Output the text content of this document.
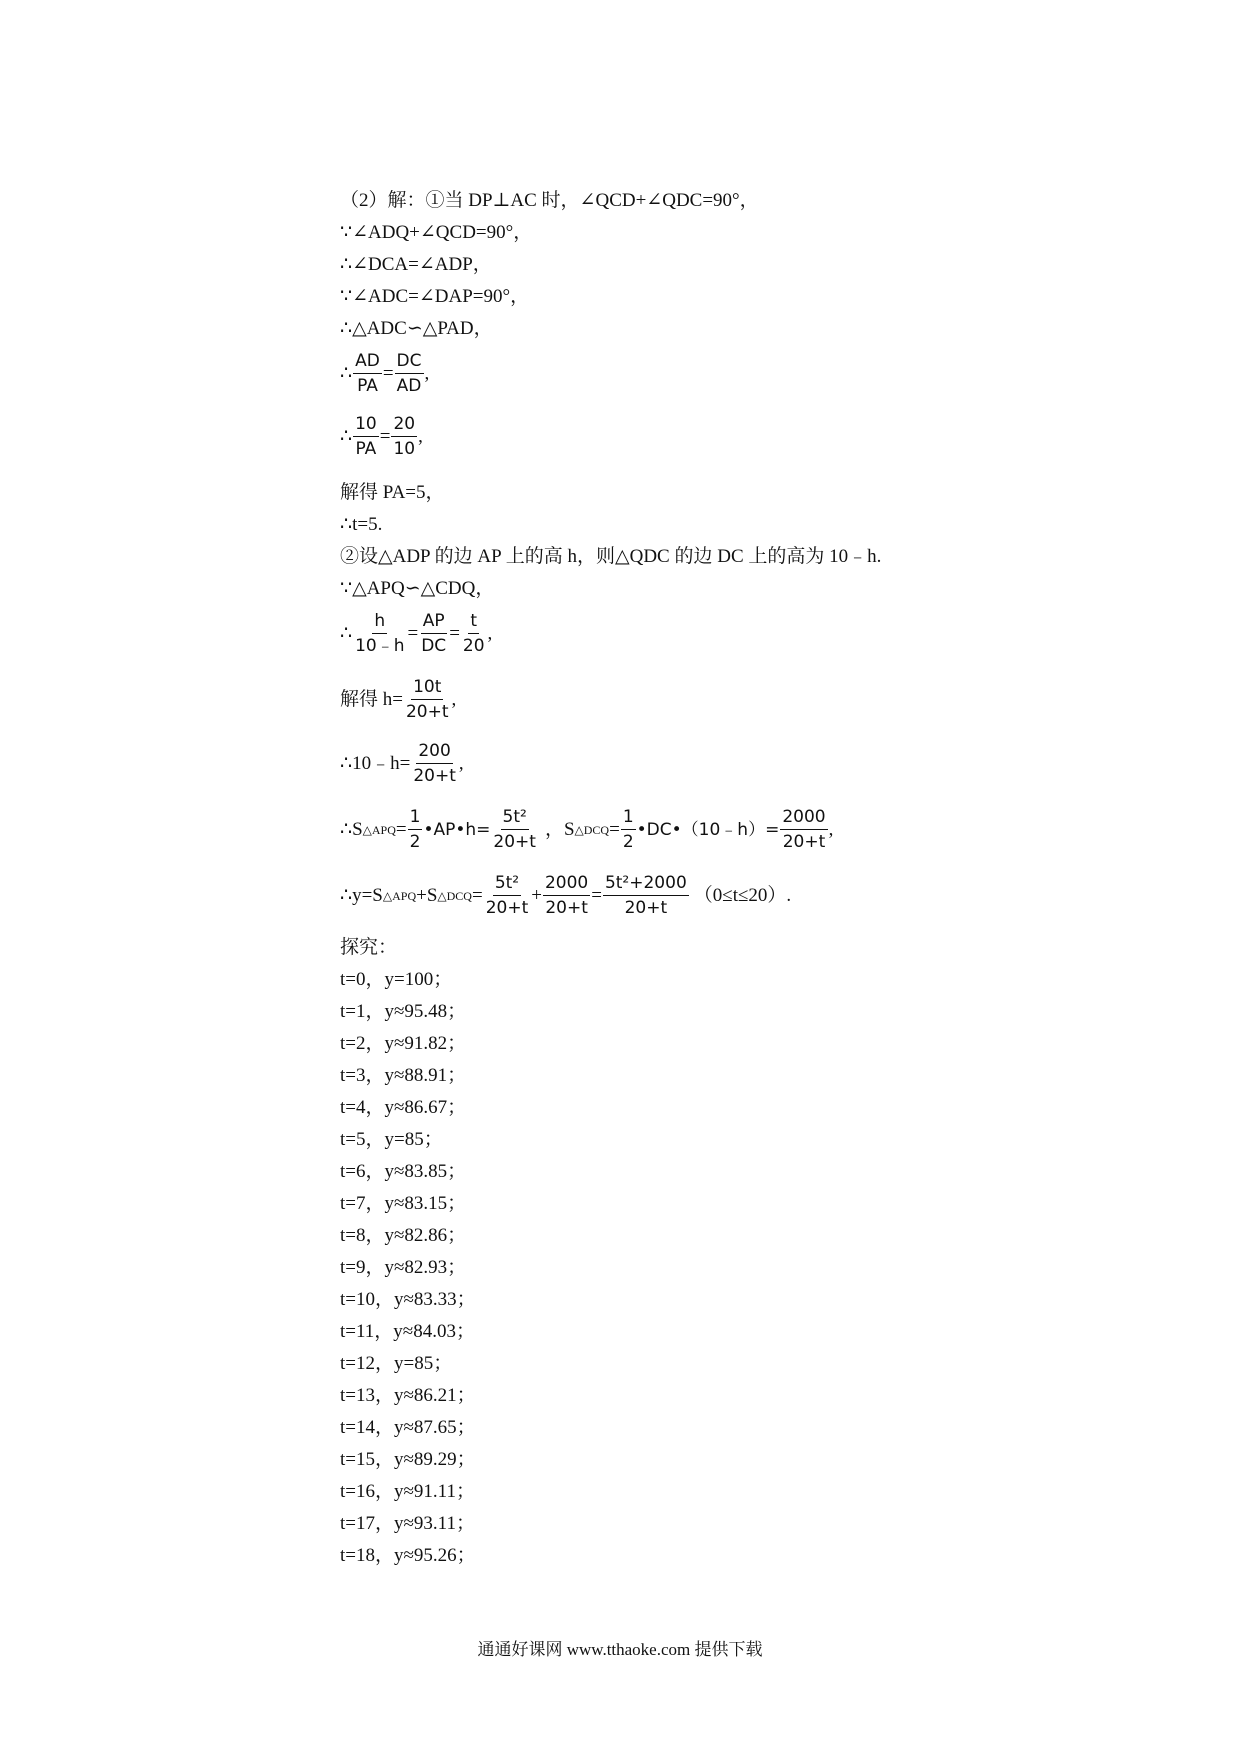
（2）解：①当 DP⊥AC 时，∠QCD+∠QDC=90°，
∵∠ADQ+∠QCD=90°，
∴∠DCA=∠ADP，
∵∠ADC=∠DAP=90°，
∴△ADC∽△PAD，
∴ $\frac{AD}{PA} = \frac{DC}{AD}$ ,
∴ $\frac{10}{PA} = \frac{20}{10}$ ,
解得 PA=5，
∴t=5.
②设△ADP 的边 AP 上的高 h，则△QDC 的边 DC 上的高为 10﹣h.
∵△APQ∽△CDQ，
∴ $\frac{h}{10﹣h} = \frac{AP}{DC} = \frac{t}{20}$ ,
解得 $h= \frac{10t}{20+t}$ ,
∴10﹣h= $\frac{200}{20+t}$ ,
∴S △APQ = $\frac{1}{2}$ •AP•h= $\frac{\text{5t²}}{20+t}$ ，S △DCQ = $\frac{1}{2}$ •DC•（10﹣h）= $\frac{2000}{20+t}$ ,
∴y=S △APQ +S △DCQ = $\frac{\text{5t²}}{20+t} + \frac{2000}{20+t} = \frac{\text{5t²+2000}}{20+t} (0\le t\le 20)$.
探究：
t=0，y=100；
t=1，y≈95.48；
t=2，y≈91.82；
t=3，y≈88.91；
t=4，y≈86.67；
t=5，y=85；
t=6，y≈83.85；
t=7，y≈83.15；
t=8，y≈82.86；
t=9，y≈82.93；
t=10，y≈83.33；
t=11，y≈84.03；
t=12，y=85；
t=13，y≈86.21；
t=14，y≈87.65；
t=15，y≈89.29；
t=16，y≈91.11；
t=17，y≈93.11；
t=18，y≈95.26；
通通好课网 www.tthaoke.com 提供下载
